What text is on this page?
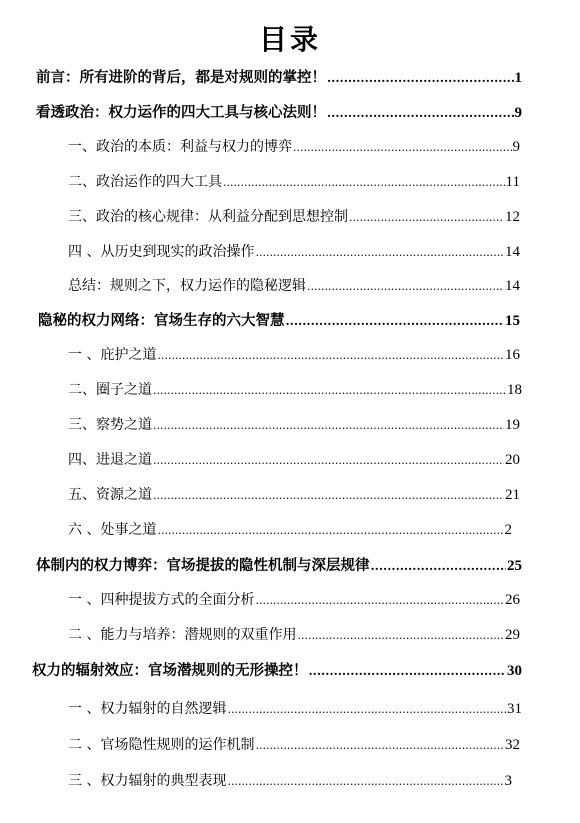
目录
前言：所有进阶的背后，都是对规则的掌控！ .....	1
看透政治：权力运作的四大工具与核心法则！ .....	9
一、政治的本质：利益与权力的博弈 .....	9
二、政治运作的四大工具 .....	11
三、政治的核心规律：从利益分配到思想控制 .....	12
四 、从历史到现实的政治操作 .....	14
总结：规则之下，权力运作的隐秘逻辑 .....	14
隐秘的权力网络：官场生存的六大智慧 .....	15
一 、庇护之道 .....	16
二、圈子之道 .....	18
三、察势之道 .....	19
四、进退之道 .....	20
五、资源之道 .....	21
六 、处事之道 .....	2
体制内的权力博弈：官场提拔的隐性机制与深层规律 .....	25
一 、四种提拔方式的全面分析 .....	26
二 、能力与培养：潜规则的双重作用 .....	29
权力的辐射效应：官场潜规则的无形操控！ .....	30
一 、权力辐射的自然逻辑 .....	31
二 、官场隐性规则的运作机制 .....	32
三 、权力辐射的典型表现 .....	3
